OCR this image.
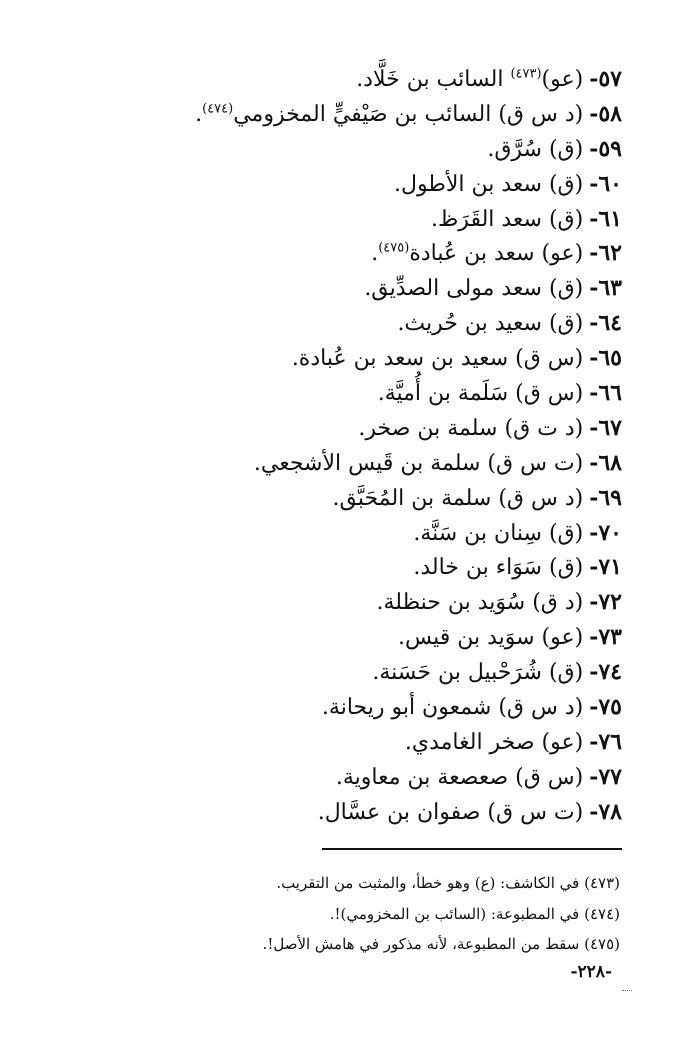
٥٧-(عو)$^{(٤٧٣)}$ السائب بن خَلَّاد.
٥٨-(د س ق) السائب بن صَيْفيٍّ المخزومي$^{(٤٧٤)}$.
٥٩-(ق) سُرَّق.
٦٠-(ق) سعد بن الأطول.
٦١-(ق) سعد القَرَظ.
٦٢-(عو) سعد بن عُبادة$^{(٤٧٥)}$.
٦٣-(ق) سعد مولى الصدِّيق.
٦٤-(ق) سعيد بن حُريث.
٦٥-(س ق) سعيد بن سعد بن عُبادة.
٦٦-(س ق) سَلَمة بن أُميَّة.
٦٧-(د ت ق) سلمة بن صخر.
٦٨-(ت س ق) سلمة بن قَيس الأشجعي.
٦٩-(د س ق) سلمة بن المُحَبَّق.
٧٠-(ق) سِنان بن سَنَّة.
٧١-(ق) سَوَاء بن خالد.
٧٢-(د ق) سُوَيد بن حنظلة.
٧٣-(عو) سوَيد بن قيس.
٧٤-(ق) شُرَحْبيل بن حَسَنة.
٧٥-(د س ق) شمعون أبو ريحانة.
٧٦-(عو) صخر الغامدي.
٧٧-(س ق) صعصعة بن معاوية.
٧٨-(ت س ق) صفوان بن عسَّال.
(٤٧٣) في الكاشف: (ع) وهو خطأ، والمثبت من التقريب.
(٤٧٤) في المطبوعة: (السائب بن المخزومي)!.
(٤٧٥) سقط من المطبوعة، لأنه مذكور في هامش الأصل!.
-٢٢٨-
